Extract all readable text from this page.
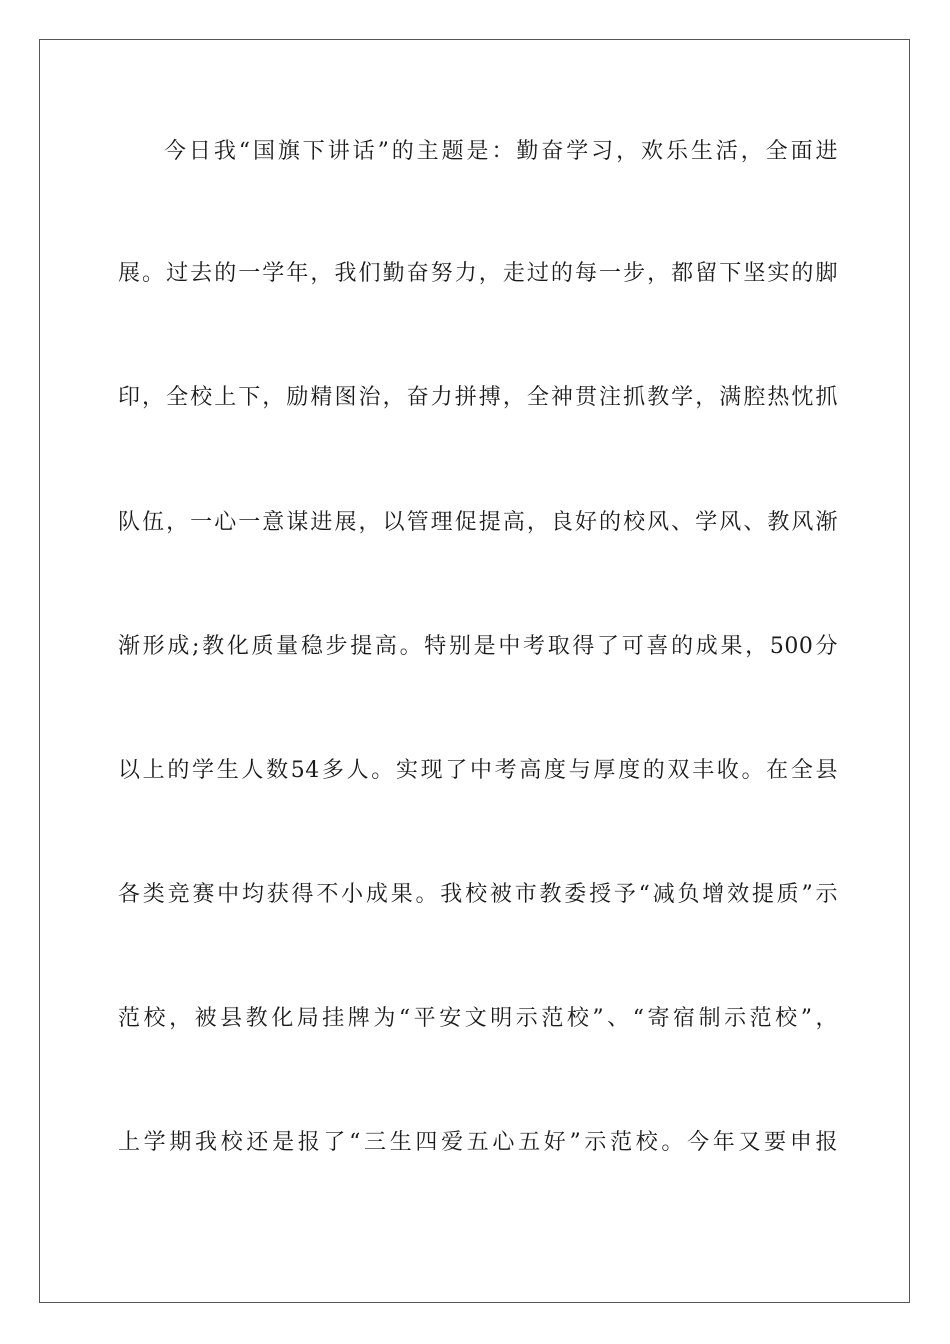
今日我“国旗下讲话”的主题是：勤奋学习，欢乐生活，全面进
展。过去的一学年，我们勤奋努力，走过的每一步，都留下坚实的脚
印，全校上下，励精图治，奋力拼搏，全神贯注抓教学，满腔热忱抓
队伍，一心一意谋进展，以管理促提高，良好的校风、学风、教风渐
渐形成;教化质量稳步提高。特别是中考取得了可喜的成果，500分
以上的学生人数54多人。实现了中考高度与厚度的双丰收。在全县
各类竞赛中均获得不小成果。我校被市教委授予“减负增效提质”示
范校，被县教化局挂牌为“平安文明示范校”、“寄宿制示范校”，
上学期我校还是报了“三生四爱五心五好”示范校。今年又要申报
